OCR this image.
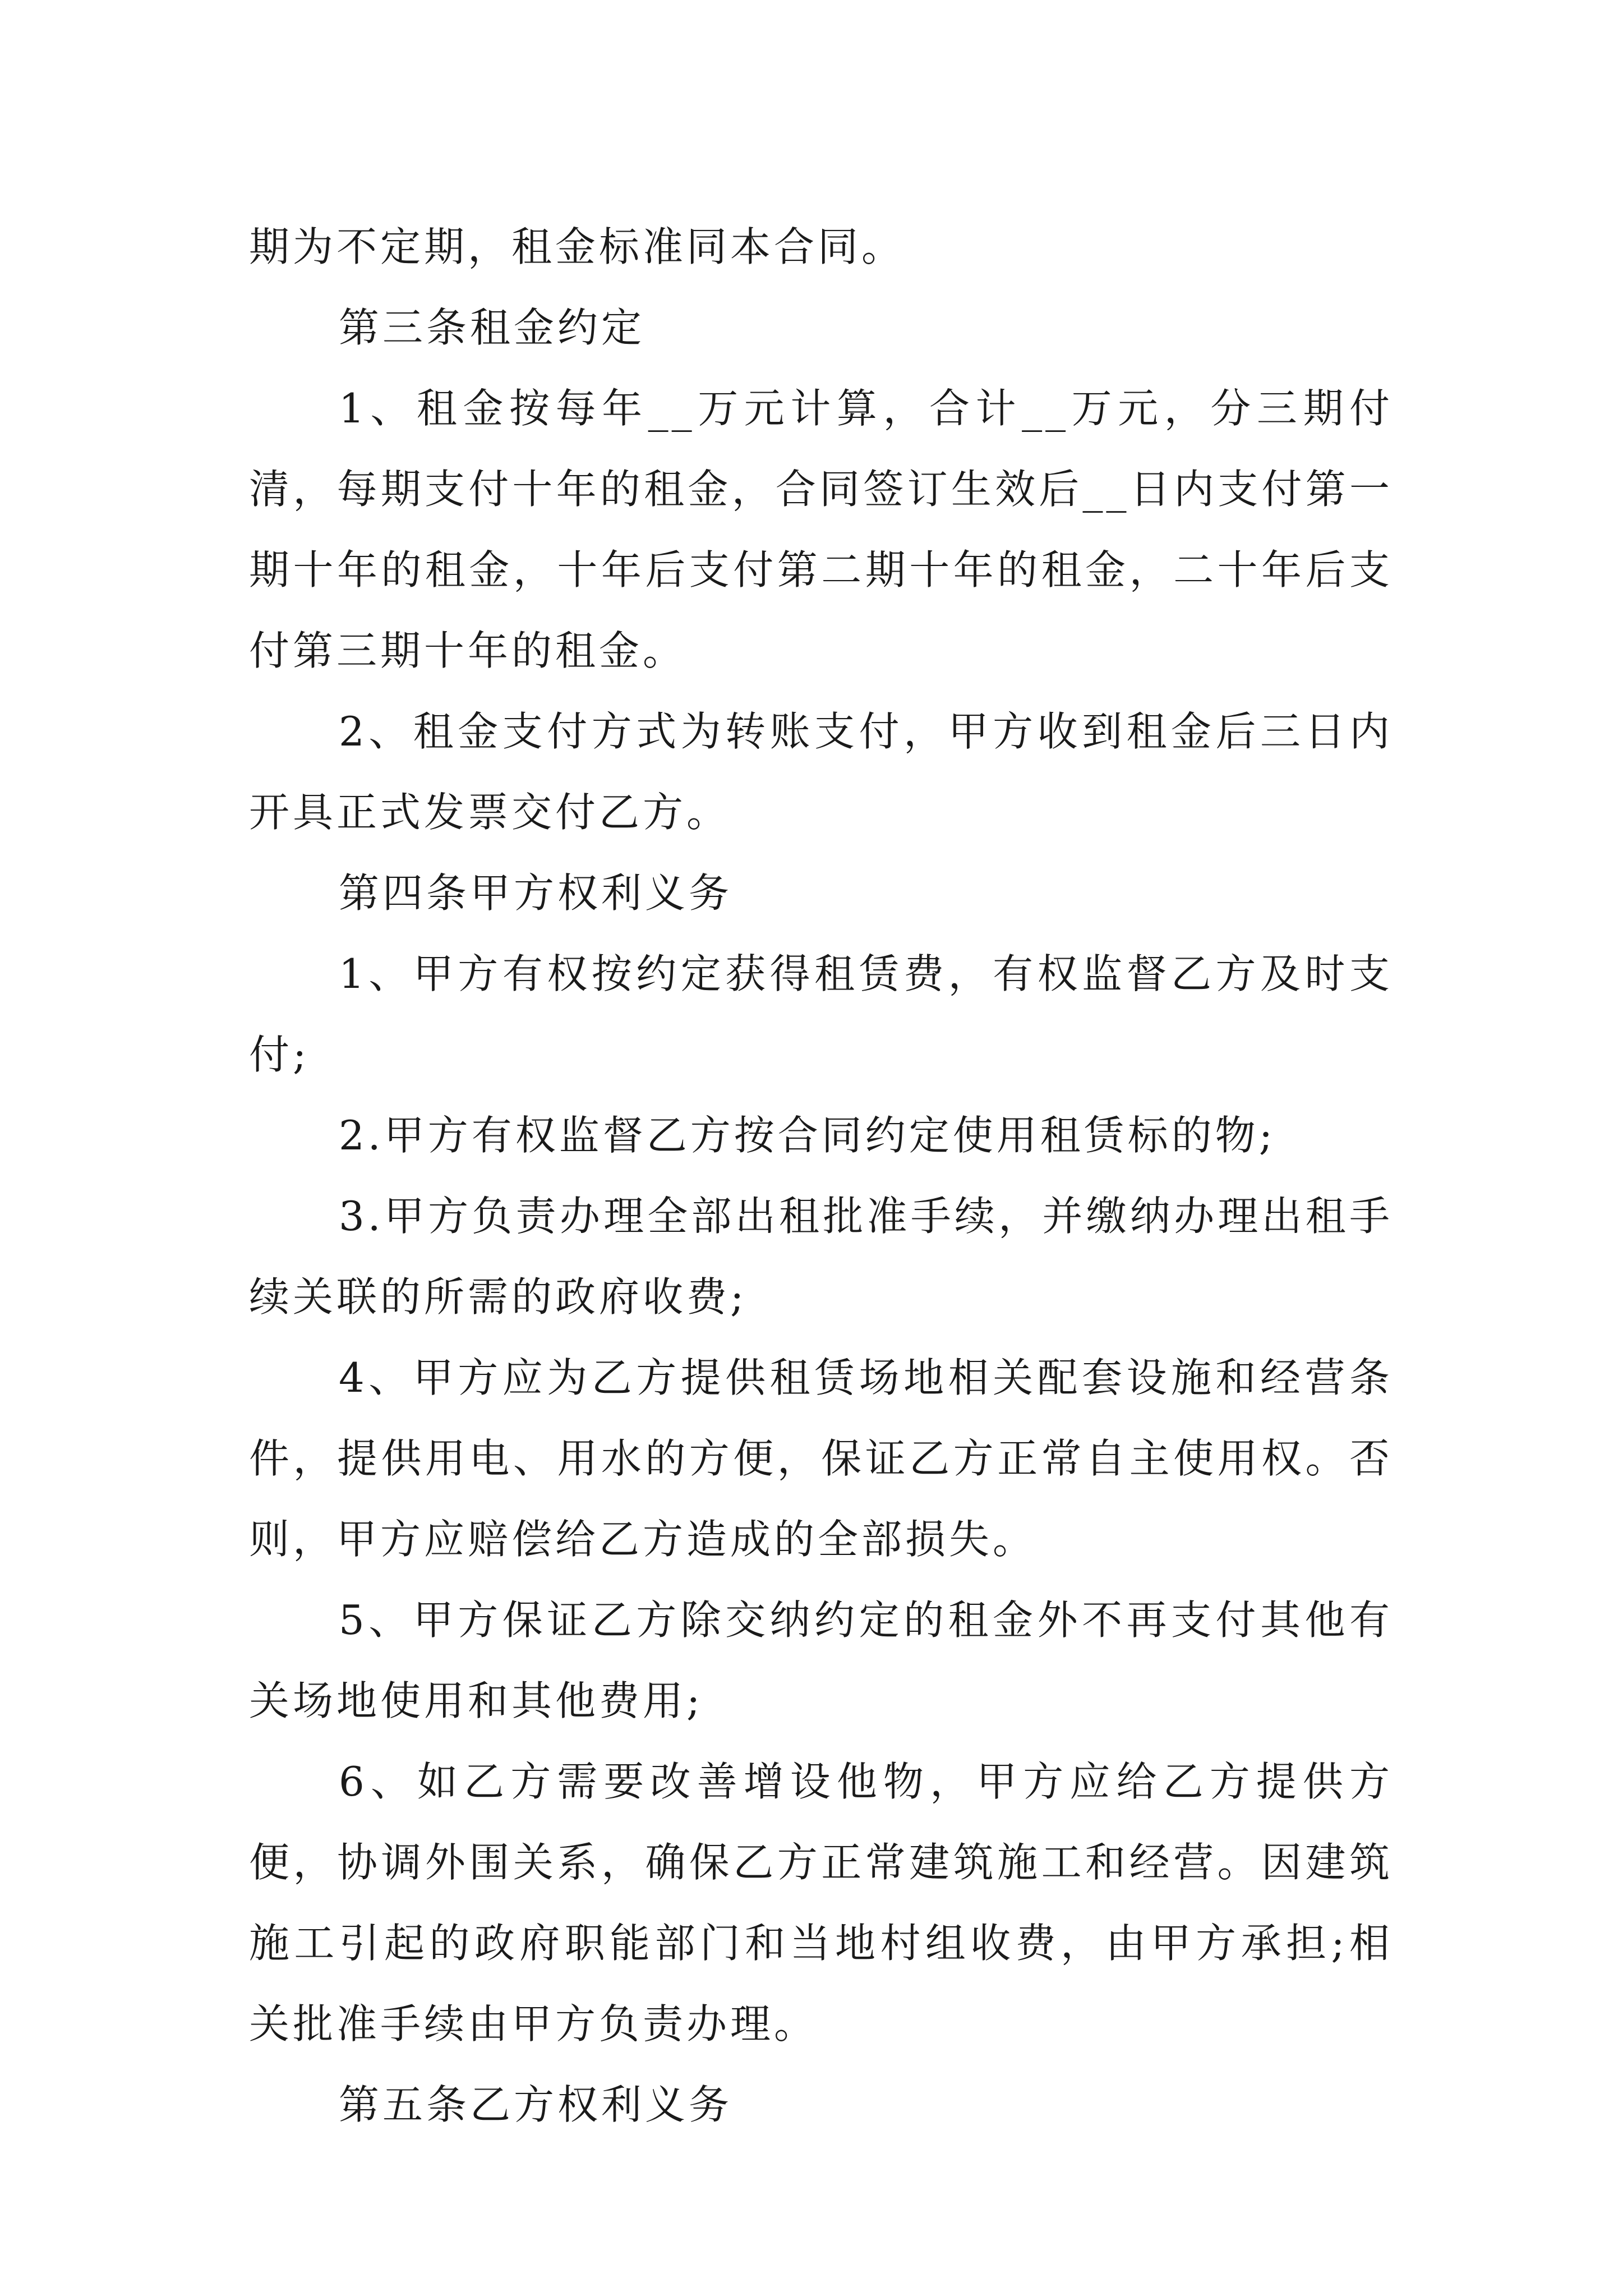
期为不定期，租金标准同本合同。

第三条租金约定

1、租金按每年__万元计算，合计__万元，分三期付清，每期支付十年的租金，合同签订生效后__日内支付第一期十年的租金，十年后支付第二期十年的租金，二十年后支付第三期十年的租金。

2、租金支付方式为转账支付，甲方收到租金后三日内开具正式发票交付乙方。

第四条甲方权利义务

1、甲方有权按约定获得租赁费，有权监督乙方及时支付;

2.甲方有权监督乙方按合同约定使用租赁标的物;

3.甲方负责办理全部出租批准手续，并缴纳办理出租手续关联的所需的政府收费;

4、甲方应为乙方提供租赁场地相关配套设施和经营条件，提供用电、用水的方便，保证乙方正常自主使用权。否则，甲方应赔偿给乙方造成的全部损失。

5、甲方保证乙方除交纳约定的租金外不再支付其他有关场地使用和其他费用;

6、如乙方需要改善增设他物，甲方应给乙方提供方便，协调外围关系，确保乙方正常建筑施工和经营。因建筑施工引起的政府职能部门和当地村组收费，由甲方承担;相关批准手续由甲方负责办理。

第五条乙方权利义务
